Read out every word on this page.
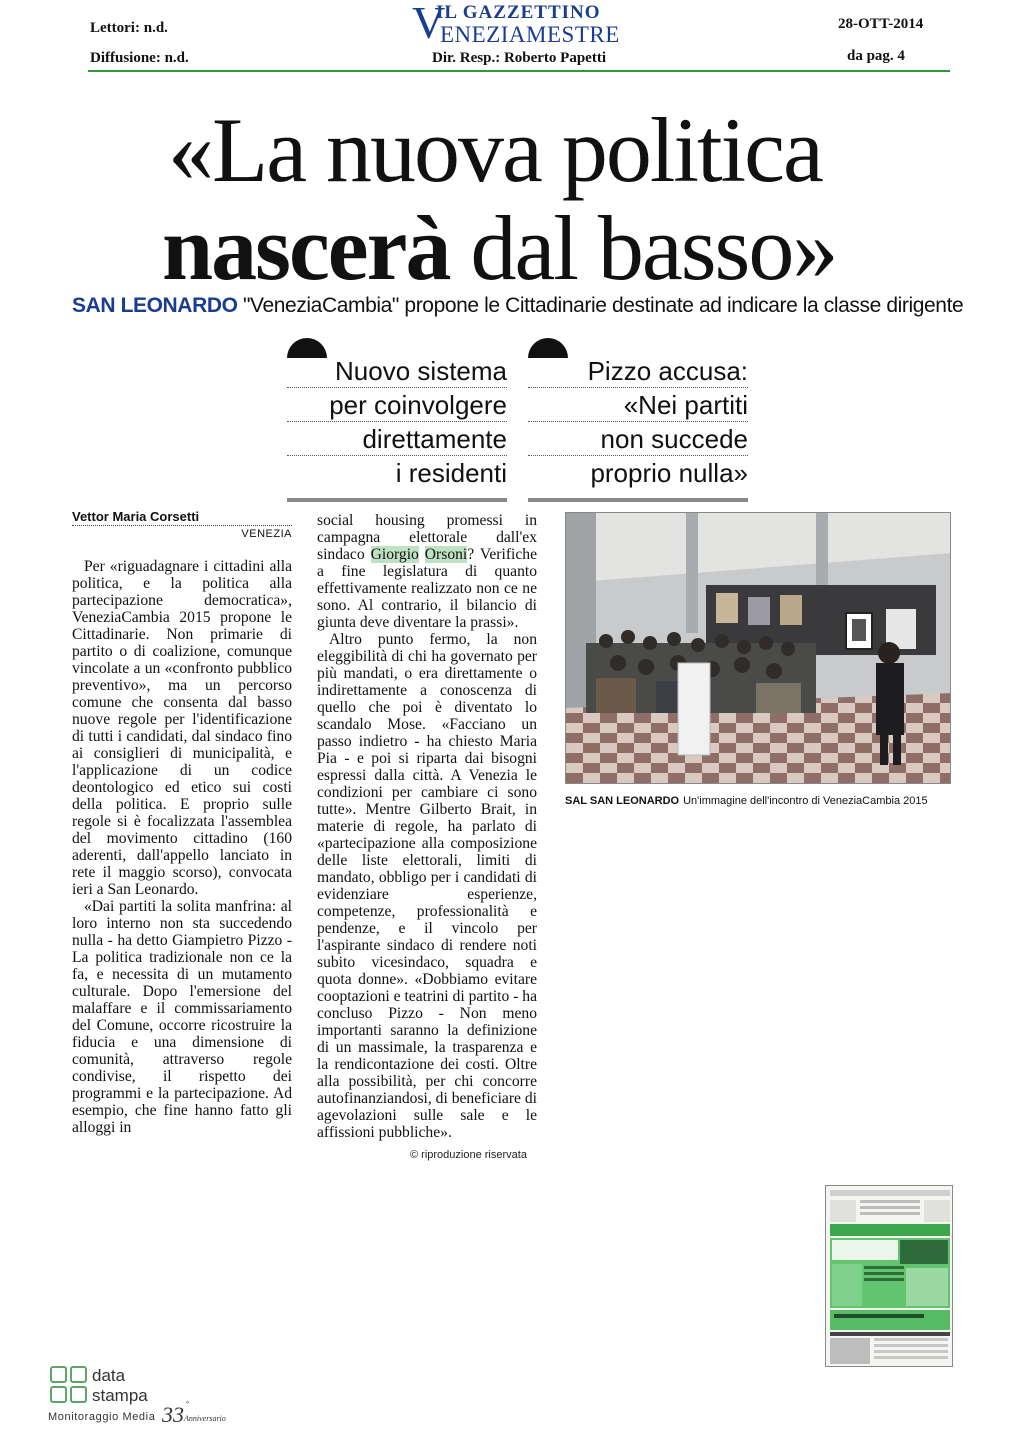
Lettori: n.d.
Diffusione: n.d.
IL GAZZETTINO
V
ENEZIAMESTRE
Dir. Resp.: Roberto Papetti
28-OTT-2014
da pag. 4
«La nuova politica
nascerà dal basso»
SAN LEONARDO "VeneziaCambia" propone le Cittadinarie destinate ad indicare la classe dirigente
Nuovo sistema
per coinvolgere
direttamente
i residenti
Pizzo accusa:
«Nei partiti
non succede
proprio nulla»
Vettor Maria Corsetti
VENEZIA

Per «riguadagnare i cittadini alla politica, e la politica alla partecipazione democratica», VeneziaCambia 2015 propone le Cittadinarie. Non primarie di partito o di coalizione, comunque vincolate a un «confronto pubblico preventivo», ma un percorso comune che consenta dal basso nuove regole per l'identificazione di tutti i candidati, dal sindaco fino ai consiglieri di municipalità, e l'applicazione di un codice deontologico ed etico sui costi della politica. E proprio sulle regole si è focalizzata l'assemblea del movimento cittadino (160 aderenti, dall'appello lanciato in rete il maggio scorso), convocata ieri a San Leonardo.

«Dai partiti la solita manfrina: al loro interno non sta succedendo nulla - ha detto Giampietro Pizzo - La politica tradizionale non ce la fa, e necessita di un mutamento culturale. Dopo l'emersione del malaffare e il commissariamento del Comune, occorre ricostruire la fiducia e una dimensione di comunità, attraverso regole condivise, il rispetto dei programmi e la partecipazione. Ad esempio, che fine hanno fatto gli alloggi in

social housing promessi in campagna elettorale dall'ex sindaco Giorgio Orsoni? Verifiche a fine legislatura di quanto effettivamente realizzato non ce ne sono. Al contrario, il bilancio di giunta deve diventare la prassi».

Altro punto fermo, la non eleggibilità di chi ha governato per più mandati, o era direttamente o indirettamente a conoscenza di quello che poi è diventato lo scandalo Mose. «Facciano un passo indietro - ha chiesto Maria Pia - e poi si riparta dai bisogni espressi dalla città. A Venezia le condizioni per cambiare ci sono tutte». Mentre Gilberto Brait, in materie di regole, ha parlato di «partecipazione alla composizione delle liste elettorali, limiti di mandato, obbligo per i candidati di evidenziare esperienze, competenze, professionalità e pendenze, e il vincolo per l'aspirante sindaco di rendere noti subito vicesindaco, squadra e quota donne». «Dobbiamo evitare cooptazioni e teatrini di partito - ha concluso Pizzo - Non meno importanti saranno la definizione di un massimale, la trasparenza e la rendicontazione dei costi. Oltre alla possibilità, per chi concorre autofinanziandosi, di beneficiare di agevolazioni sulle sale e le affissioni pubbliche».

© riproduzione riservata
SAL SAN LEONARDO Un'immagine dell'incontro di VeneziaCambia 2015
data
stampa
Monitoraggio Media 33 °
Anniversario
